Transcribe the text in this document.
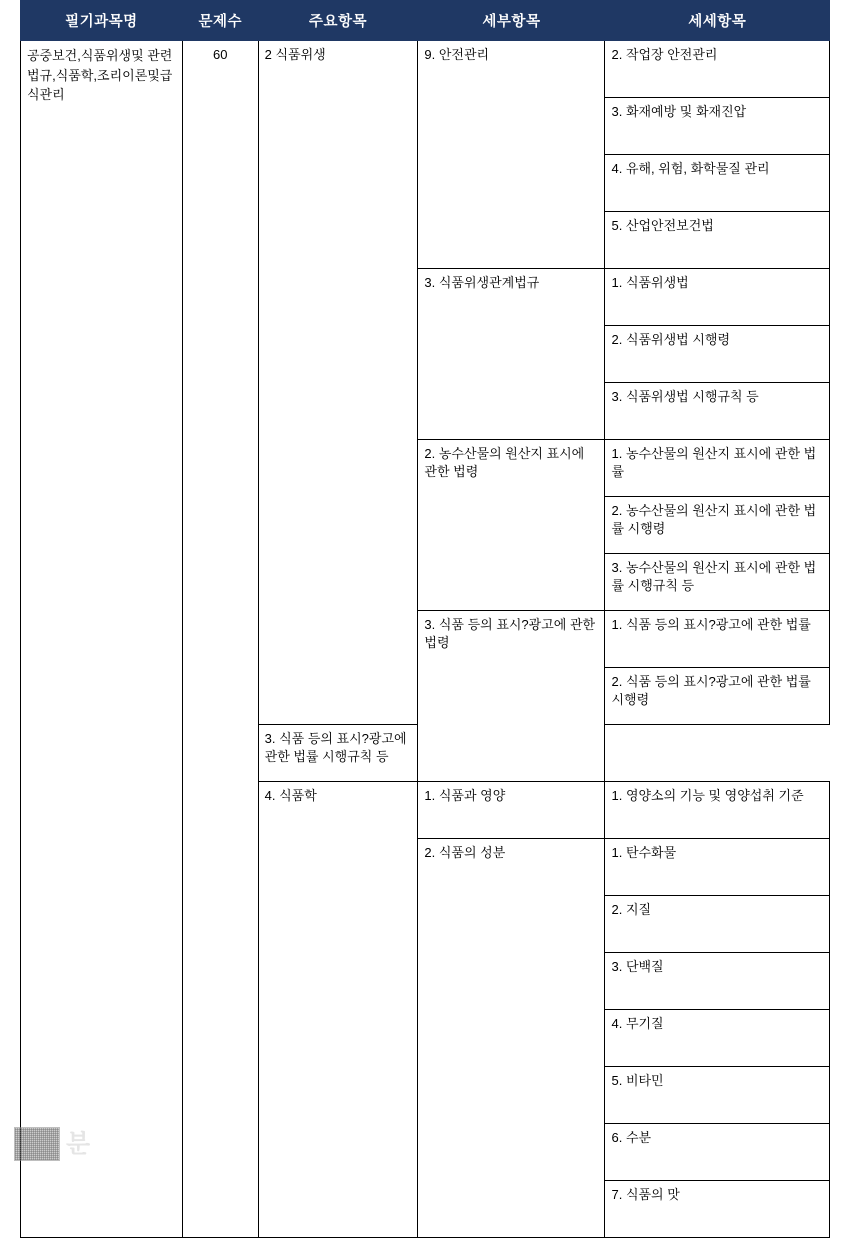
필기과목명	문제수	주요항목	세부항목	세세항목
공중보건,식품위생및 관련법규,식품학,조리이론및급식관리	60	2 식품위생	9. 안전관리	2. 작업장 안전관리
				3. 화재예방 및 화재진압
				4. 유해, 위험, 화학물질 관리
				5. 산업안전보건법
			3. 식품위생관계법규	1. 식품위생법
				2. 식품위생법 시행령
				3. 식품위생법 시행규칙 등
			2. 농수산물의 원산지 표시에 관한 법령	1. 농수산물의 원산지 표시에 관한 법률
				2. 농수산물의 원산지 표시에 관한 법률 시행령
				3. 농수산물의 원산지 표시에 관한 법률 시행규칙 등
			3. 식품 등의 표시?광고에 관한 법령	1. 식품 등의 표시?광고에 관한 법률
				2. 식품 등의 표시?광고에 관한 법률 시행령
		3. 식품 등의 표시?광고에 관한 법률 시행규칙 등		
		4. 식품학	1. 식품과 영양	1. 영양소의 기능 및 영양섭취 기준
			2. 식품의 성분	1. 탄수화물
				2. 지질
				3. 단백질
				4. 무기질
				5. 비타민
				6. 수분
				7. 식품의 맛
분
